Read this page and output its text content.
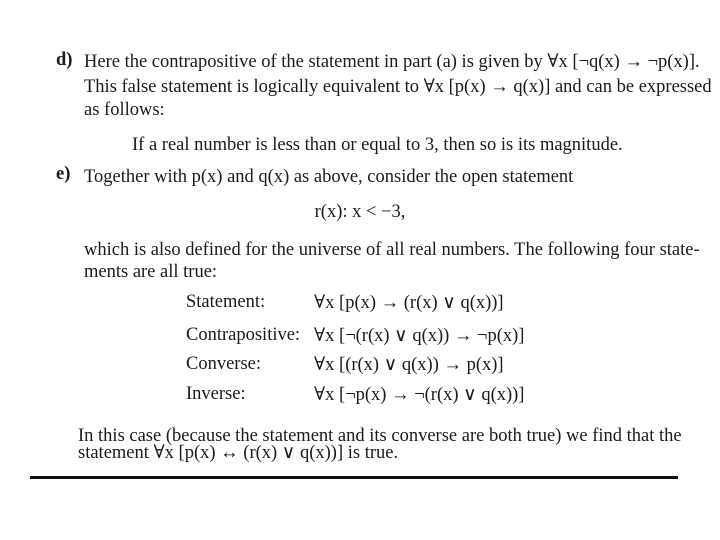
d) Here the contrapositive of the statement in part (a) is given by ∀x [¬q(x) → ¬p(x)].
This false statement is logically equivalent to ∀x [p(x) → q(x)] and can be expressed
as follows:
If a real number is less than or equal to 3, then so is its magnitude.
e) Together with p(x) and q(x) as above, consider the open statement
r(x): x < −3,
which is also defined for the universe of all real numbers. The following four state-
ments are all true:
Statement:	∀x [p(x) → (r(x) ∨ q(x))]
Contrapositive: ∀x [¬(r(x) ∨ q(x)) → ¬p(x)]
Converse:	∀x [(r(x) ∨ q(x)) → p(x)]
Inverse:	∀x [¬p(x) → ¬(r(x) ∨ q(x))]
In this case (because the statement and its converse are both true) we find that the
statement ∀x [p(x) ↔ (r(x) ∨ q(x))] is true.
